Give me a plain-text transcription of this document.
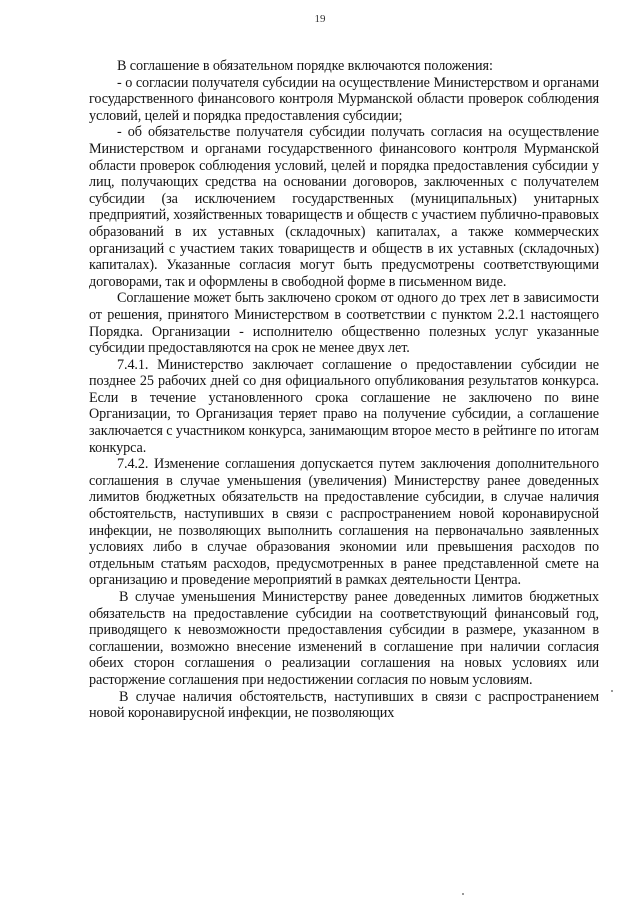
19

В соглашение в обязательном порядке включаются положения:

- о согласии получателя субсидии на осуществление Министерством и органами государственного финансового контроля Мурманской области проверок соблюдения условий, целей и порядка предоставления субсидии;

- об обязательстве получателя субсидии получать согласия на осуществление Министерством и органами государственного финансового контроля Мурманской области проверок соблюдения условий, целей и порядка предоставления субсидии у лиц, получающих средства на основании договоров, заключенных с получателем субсидии (за исключением государственных (муниципальных) унитарных предприятий, хозяйственных товариществ и обществ с участием публично-правовых образований в их уставных (складочных) капиталах, а также коммерческих организаций с участием таких товариществ и обществ в их уставных (складочных) капиталах). Указанные согласия могут быть предусмотрены соответствующими договорами, так и оформлены в свободной форме в письменном виде.

Соглашение может быть заключено сроком от одного до трех лет в зависимости от решения, принятого Министерством в соответствии с пунктом 2.2.1 настоящего Порядка. Организации - исполнителю общественно полезных услуг указанные субсидии предоставляются на срок не менее двух лет.

7.4.1. Министерство заключает соглашение о предоставлении субсидии не позднее 25 рабочих дней со дня официального опубликования результатов конкурса. Если в течение установленного срока соглашение не заключено по вине Организации, то Организация теряет право на получение субсидии, а соглашение заключается с участником конкурса, занимающим второе место в рейтинге по итогам конкурса.

7.4.2. Изменение соглашения допускается путем заключения дополнительного соглашения в случае уменьшения (увеличения) Министерству ранее доведенных лимитов бюджетных обязательств на предоставление субсидии, в случае наличия обстоятельств, наступивших в связи с распространением новой коронавирусной инфекции, не позволяющих выполнить соглашения на первоначально заявленных условиях либо в случае образования экономии или превышения расходов по отдельным статьям расходов, предусмотренных в ранее представленной смете на организацию и проведение мероприятий в рамках деятельности Центра.

В случае уменьшения Министерству ранее доведенных лимитов бюджетных обязательств на предоставление субсидии на соответствующий финансовый год, приводящего к невозможности предоставления субсидии в размере, указанном в соглашении, возможно внесение изменений в соглашение при наличии согласия обеих сторон соглашения о реализации соглашения на новых условиях или расторжение соглашения при недостижении согласия по новым условиям.

В случае наличия обстоятельств, наступивших в связи с распространением новой коронавирусной инфекции, не позволяющих
